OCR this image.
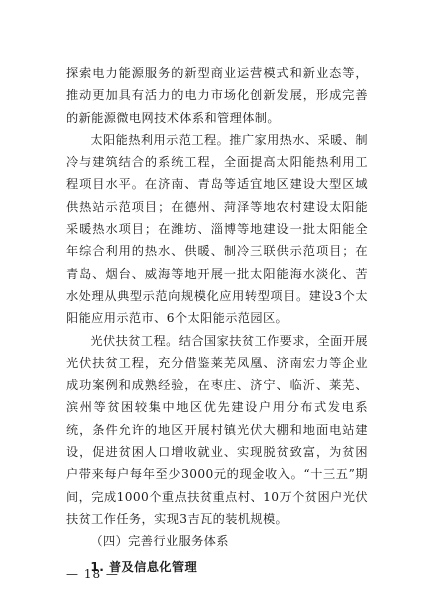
探索电力能源服务的新型商业运营模式和新业态等，推动更加具有活力的电力市场化创新发展，形成完善的新能源微电网技术体系和管理体制。

太阳能热利用示范工程。推广家用热水、采暖、制冷与建筑结合的系统工程，全面提高太阳能热利用工程项目水平。在济南、青岛等适宜地区建设大型区域供热站示范项目；在德州、菏泽等地农村建设太阳能采暖热水项目；在潍坊、淄博等地建设一批太阳能全年综合利用的热水、供暖、制冷三联供示范项目；在青岛、烟台、威海等地开展一批太阳能海水淡化、苦水处理从典型示范向规模化应用转型项目。建设3个太阳能应用示范市、6个太阳能示范园区。

光伏扶贫工程。结合国家扶贫工作要求，全面开展光伏扶贫工程，充分借鉴莱芜凤凰、济南宏力等企业成功案例和成熟经验，在枣庄、济宁、临沂、莱芜、滨州等贫困较集中地区优先建设户用分布式发电系统，条件允许的地区开展村镇光伏大棚和地面电站建设，促进贫困人口增收就业、实现脱贫致富，为贫困户带来每户每年至少3000元的现金收入。“十三五”期间，完成1000个重点扶贫重点村、10万个贫困户光伏扶贫工作任务，实现3吉瓦的装机规模。

（四）完善行业服务体系

1. 普及信息化管理

— 18 —
